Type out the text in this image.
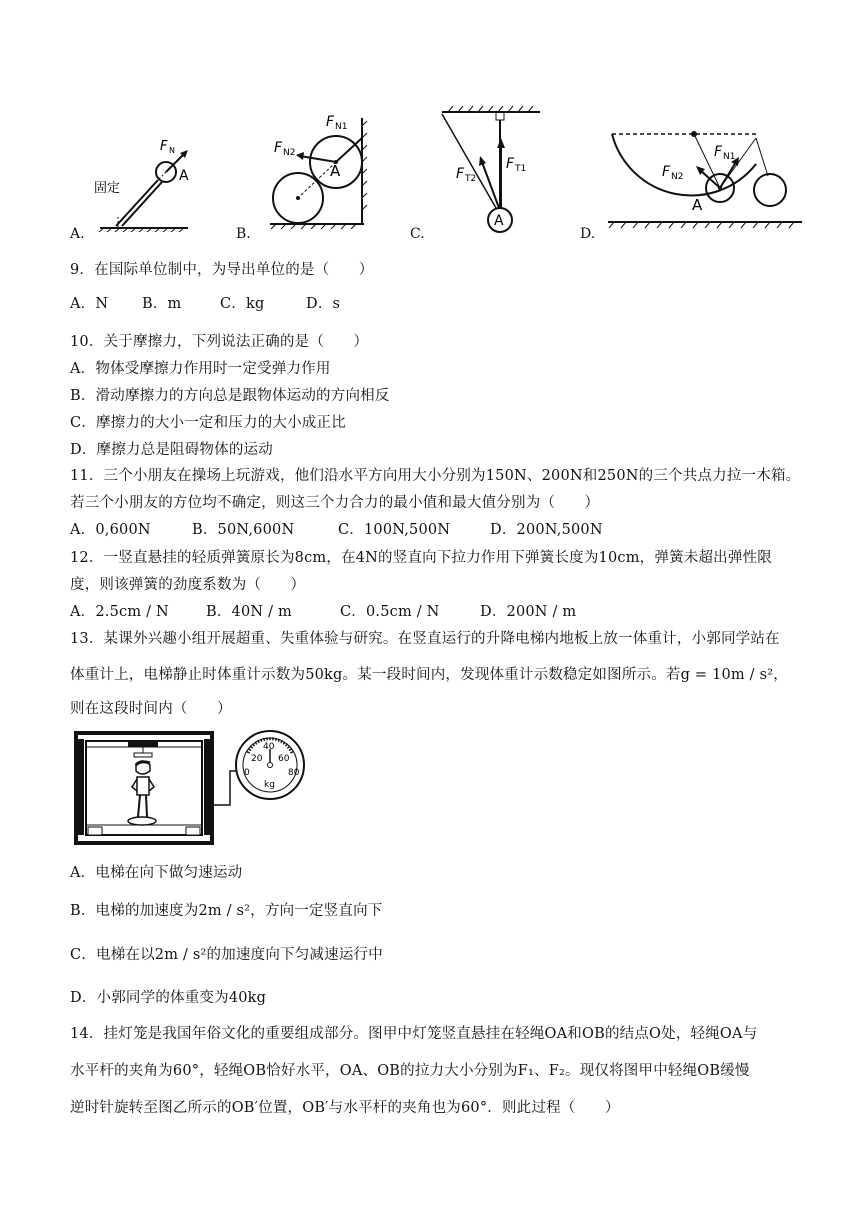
F N
A
固定
A.
F N1
F N2
A
B.
A
F T1
F T2
C.
F N1
F N2
A
D.
9．在国际单位制中，为导出单位的是（　　）
A．N B．m	C．kg	D．s
10．关于摩擦力，下列说法正确的是（　　）
A．物体受摩擦力作用时一定受弹力作用
B．滑动摩擦力的方向总是跟物体运动的方向相反
C．摩擦力的大小一定和压力的大小成正比
D．摩擦力总是阻碍物体的运动
11．三个小朋友在操场上玩游戏，他们沿水平方向用大小分别为150N、200N和250N的三个共点力拉一木箱。
若三个小朋友的方位均不确定，则这三个力合力的最小值和最大值分别为（　　）
A．0,600N	B．50N,600N	C．100N,500N	D．200N,500N
12．一竖直悬挂的轻质弹簧原长为8cm，在4N的竖直向下拉力作用下弹簧长度为10cm，弹簧未超出弹性限
度，则该弹簧的劲度系数为（　　）
A．2.5cm / N	B．40N / m	C．0.5cm / N	D．200N / m
13．某课外兴趣小组开展超重、失重体验与研究。在竖直运行的升降电梯内地板上放一体重计，小郭同学站在
体重计上，电梯静止时体重计示数为50kg。某一段时间内，发现体重计示数稳定如图所示。若g = 10m / s²，
则在这段时间内（　　）
20
40
60
0	80
kg
A．电梯在向下做匀速运动
B．电梯的加速度为2m / s²，方向一定竖直向下
C．电梯在以2m / s²的加速度向下匀减速运行中
D．小郭同学的体重变为40kg
14．挂灯笼是我国年俗文化的重要组成部分。图甲中灯笼竖直悬挂在轻绳OA和OB的结点O处，轻绳OA与
水平杆的夹角为60°，轻绳OB恰好水平，OA、OB的拉力大小分别为F₁、F₂。现仅将图甲中轻绳OB缓慢
逆时针旋转至图乙所示的OB′位置，OB′与水平杆的夹角也为60°．则此过程（　　）
